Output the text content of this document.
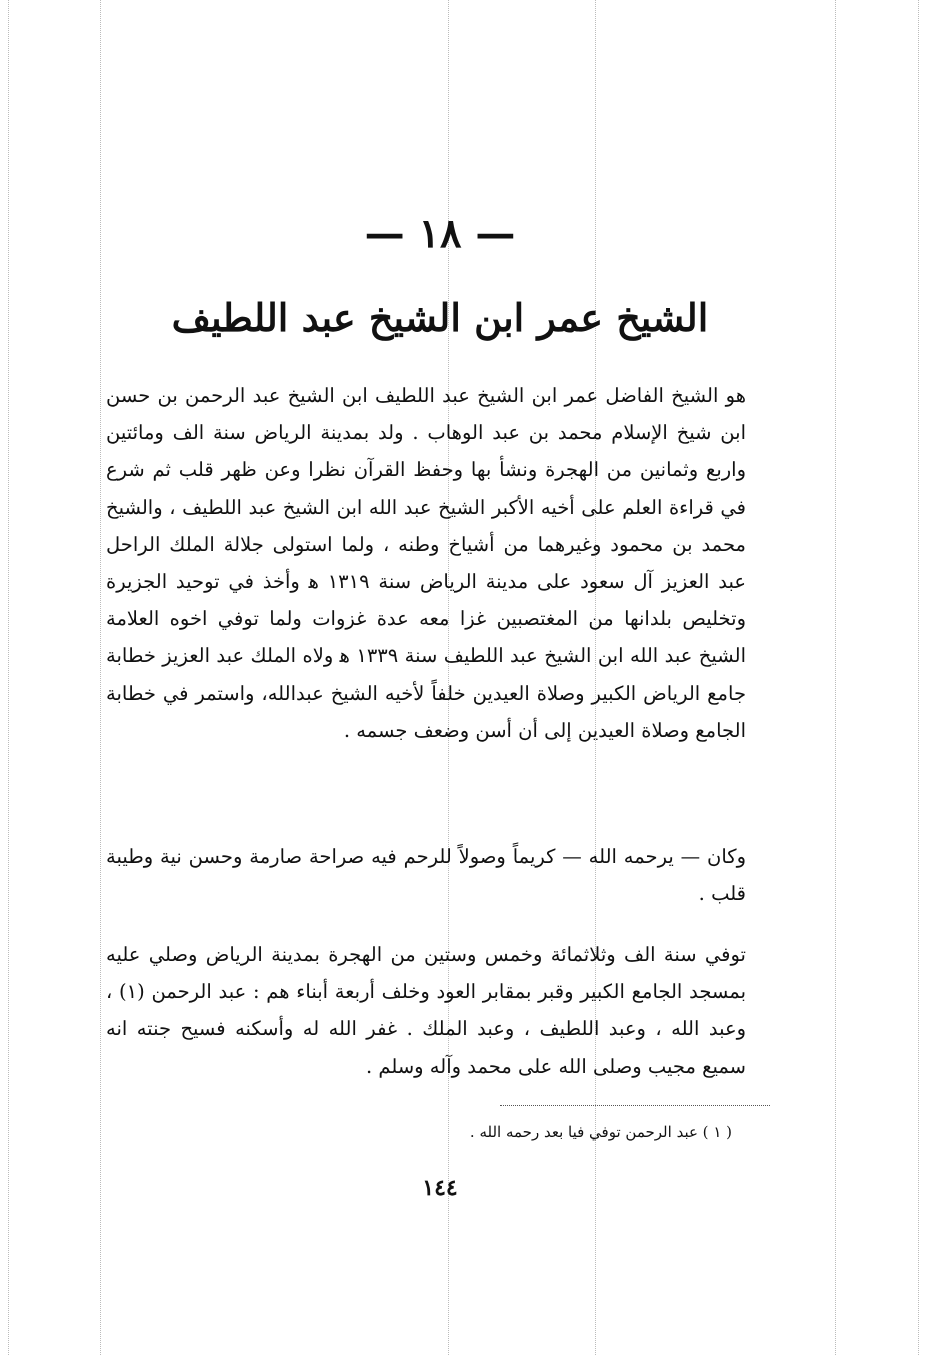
— ١٨ —
الشيخ عمر ابن الشيخ عبد اللطيف
هو الشيخ الفاضل عمر ابن الشيخ عبد اللطيف ابن الشيخ عبد الرحمن بن حسن ابن شيخ الإسلام محمد بن عبد الوهاب . ولد بمدينة الرياض سنة الف ومائتين واربع وثمانين من الهجرة ونشأ بها وحفظ القرآن نظرا وعن ظهر قلب ثم شرع في قراءة العلم على أخيه الأكبر الشيخ عبد الله ابن الشيخ عبد اللطيف ، والشيخ محمد بن محمود وغيرهما من أشياخ وطنه ، ولما استولى جلالة الملك الراحل عبد العزيز آل سعود على مدينة الرياض سنة ١٣١٩ ﻫ وأخذ في توحيد الجزيرة وتخليص بلدانها من المغتصبين غزا معه عدة غزوات ولما توفي اخوه العلامة الشيخ عبد الله ابن الشيخ عبد اللطيف سنة ١٣٣٩ ﻫ ولاه الملك عبد العزيز خطابة جامع الرياض الكبير وصلاة العيدين خلفاً لأخيه الشيخ عبدالله، واستمر في خطابة الجامع وصلاة العيدين إلى أن أسن وضعف جسمه .
وكان — يرحمه الله — كريماً وصولاً للرحم فيه صراحة صارمة وحسن نية وطيبة قلب .
توفي سنة الف وثلاثمائة وخمس وستين من الهجرة بمدينة الرياض وصلي عليه بمسجد الجامع الكبير وقبر بمقابر العود وخلف أربعة أبناء هم : عبد الرحمن (١) ، وعبد الله ، وعبد اللطيف ، وعبد الملك . غفر الله له وأسكنه فسيح جنته انه سميع مجيب وصلى الله على محمد وآله وسلم .
( ١ ) عبد الرحمن توفي فيا بعد رحمه الله .
١٤٤
